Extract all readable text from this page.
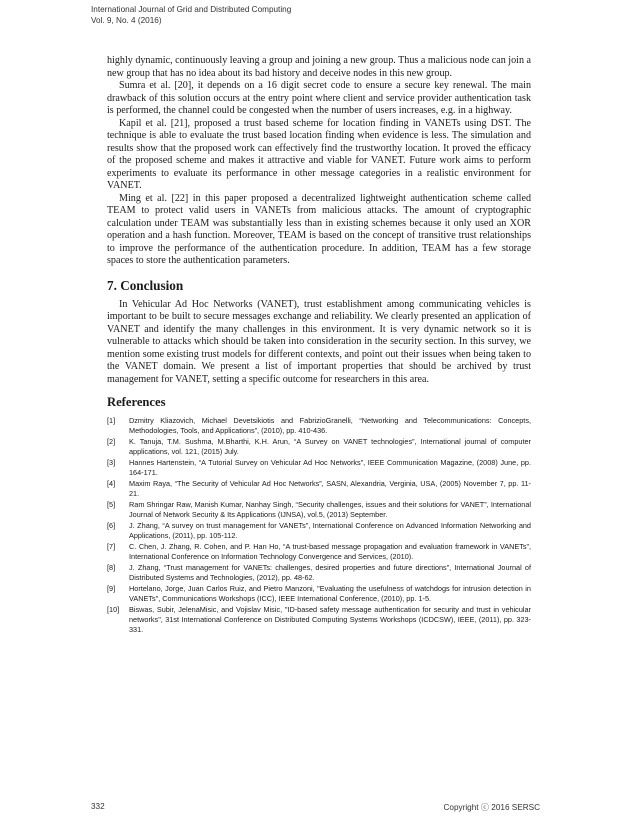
International Journal of Grid and Distributed Computing
Vol. 9, No. 4 (2016)

highly dynamic, continuously leaving a group and joining a new group. Thus a malicious node can join a new group that has no idea about its bad history and deceive nodes in this new group.

Sumra et al. [20], it depends on a 16 digit secret code to ensure a secure key renewal. The main drawback of this solution occurs at the entry point where client and service provider authentication task is performed, the channel could be congested when the number of users increases, e.g. in a highway.

Kapil et al. [21], proposed a trust based scheme for location finding in VANETs using DST. The technique is able to evaluate the trust based location finding when evidence is less. The simulation and results show that the proposed work can effectively find the trustworthy location. It proved the efficacy of the proposed scheme and makes it attractive and viable for VANET. Future work aims to perform experiments to evaluate its performance in other message categories in a realistic environment for VANET.

Ming et al. [22] in this paper proposed a decentralized lightweight authentication scheme called TEAM to protect valid users in VANETs from malicious attacks. The amount of cryptographic calculation under TEAM was substantially less than in existing schemes because it only used an XOR operation and a hash function. Moreover, TEAM is based on the concept of transitive trust relationships to improve the performance of the authentication procedure. In addition, TEAM has a few storage spaces to store the authentication parameters.

7. Conclusion

In Vehicular Ad Hoc Networks (VANET), trust establishment among communicating vehicles is important to be built to secure messages exchange and reliability. We clearly presented an application of VANET and identify the many challenges in this environment. It is very dynamic network so it is vulnerable to attacks which should be taken into consideration in the security section. In this survey, we mention some existing trust models for different contexts, and point out their issues when being taken to the VANET domain. We present a list of important properties that should be archived by trust management for VANET, setting a specific outcome for researchers in this area.

References
[1]	Dzmitry Kliazovich, Michael Devetsikiotis and FabrizioGranelli, “Networking and Telecommunications: Concepts, Methodologies, Tools, and Applications”, (2010), pp. 410-436.
[2]	K. Tanuja, T.M. Sushma, M.Bharthi, K.H. Arun, “A Survey on VANET technologies”, International journal of computer applications, vol. 121, (2015) July.
[3]	Hannes Hartenstein, “A Tutorial Survey on Vehicular Ad Hoc Networks”, IEEE Communication Magazine, (2008) June, pp. 164-171.
[4]	Maxim Raya, “The Security of Vehicular Ad Hoc Networks”, SASN, Alexandria, Verginia, USA, (2005) November 7, pp. 11-21.
[5]	Ram Shringar Raw, Manish Kumar, Nanhay Singh, “Security challenges, issues and their solutions for VANET”, International Journal of Network Security & Its Applications (IJNSA), vol.5, (2013) September.
[6]	J. Zhang, “A survey on trust management for VANETs”, International Conference on Advanced Information Networking and Applications, (2011), pp. 105-112.
[7]	C. Chen, J. Zhang, R. Cohen, and P. Han Ho, “A trust-based message propagation and evaluation framework in VANETs”, International Conference on Information Technology Convergence and Services, (2010).
[8]	J. Zhang, “Trust management for VANETs: challenges, desired properties and future directions”, International Journal of Distributed Systems and Technologies, (2012), pp. 48-62.
[9]	Hortelano, Jorge, Juan Carlos Ruiz, and Pietro Manzoni, "Evaluating the usefulness of watchdogs for intrusion detection in VANETs", Communications Workshops (ICC), IEEE International Conference, (2010), pp. 1-5.
[10]	Biswas, Subir, JelenaMisic, and Vojislav Misic, "ID-based safety message authentication for security and trust in vehicular networks", 31st International Conference on Distributed Computing Systems Workshops (ICDCSW), IEEE, (2011), pp. 323-331.
332	Copyright ⓒ 2016 SERSC
